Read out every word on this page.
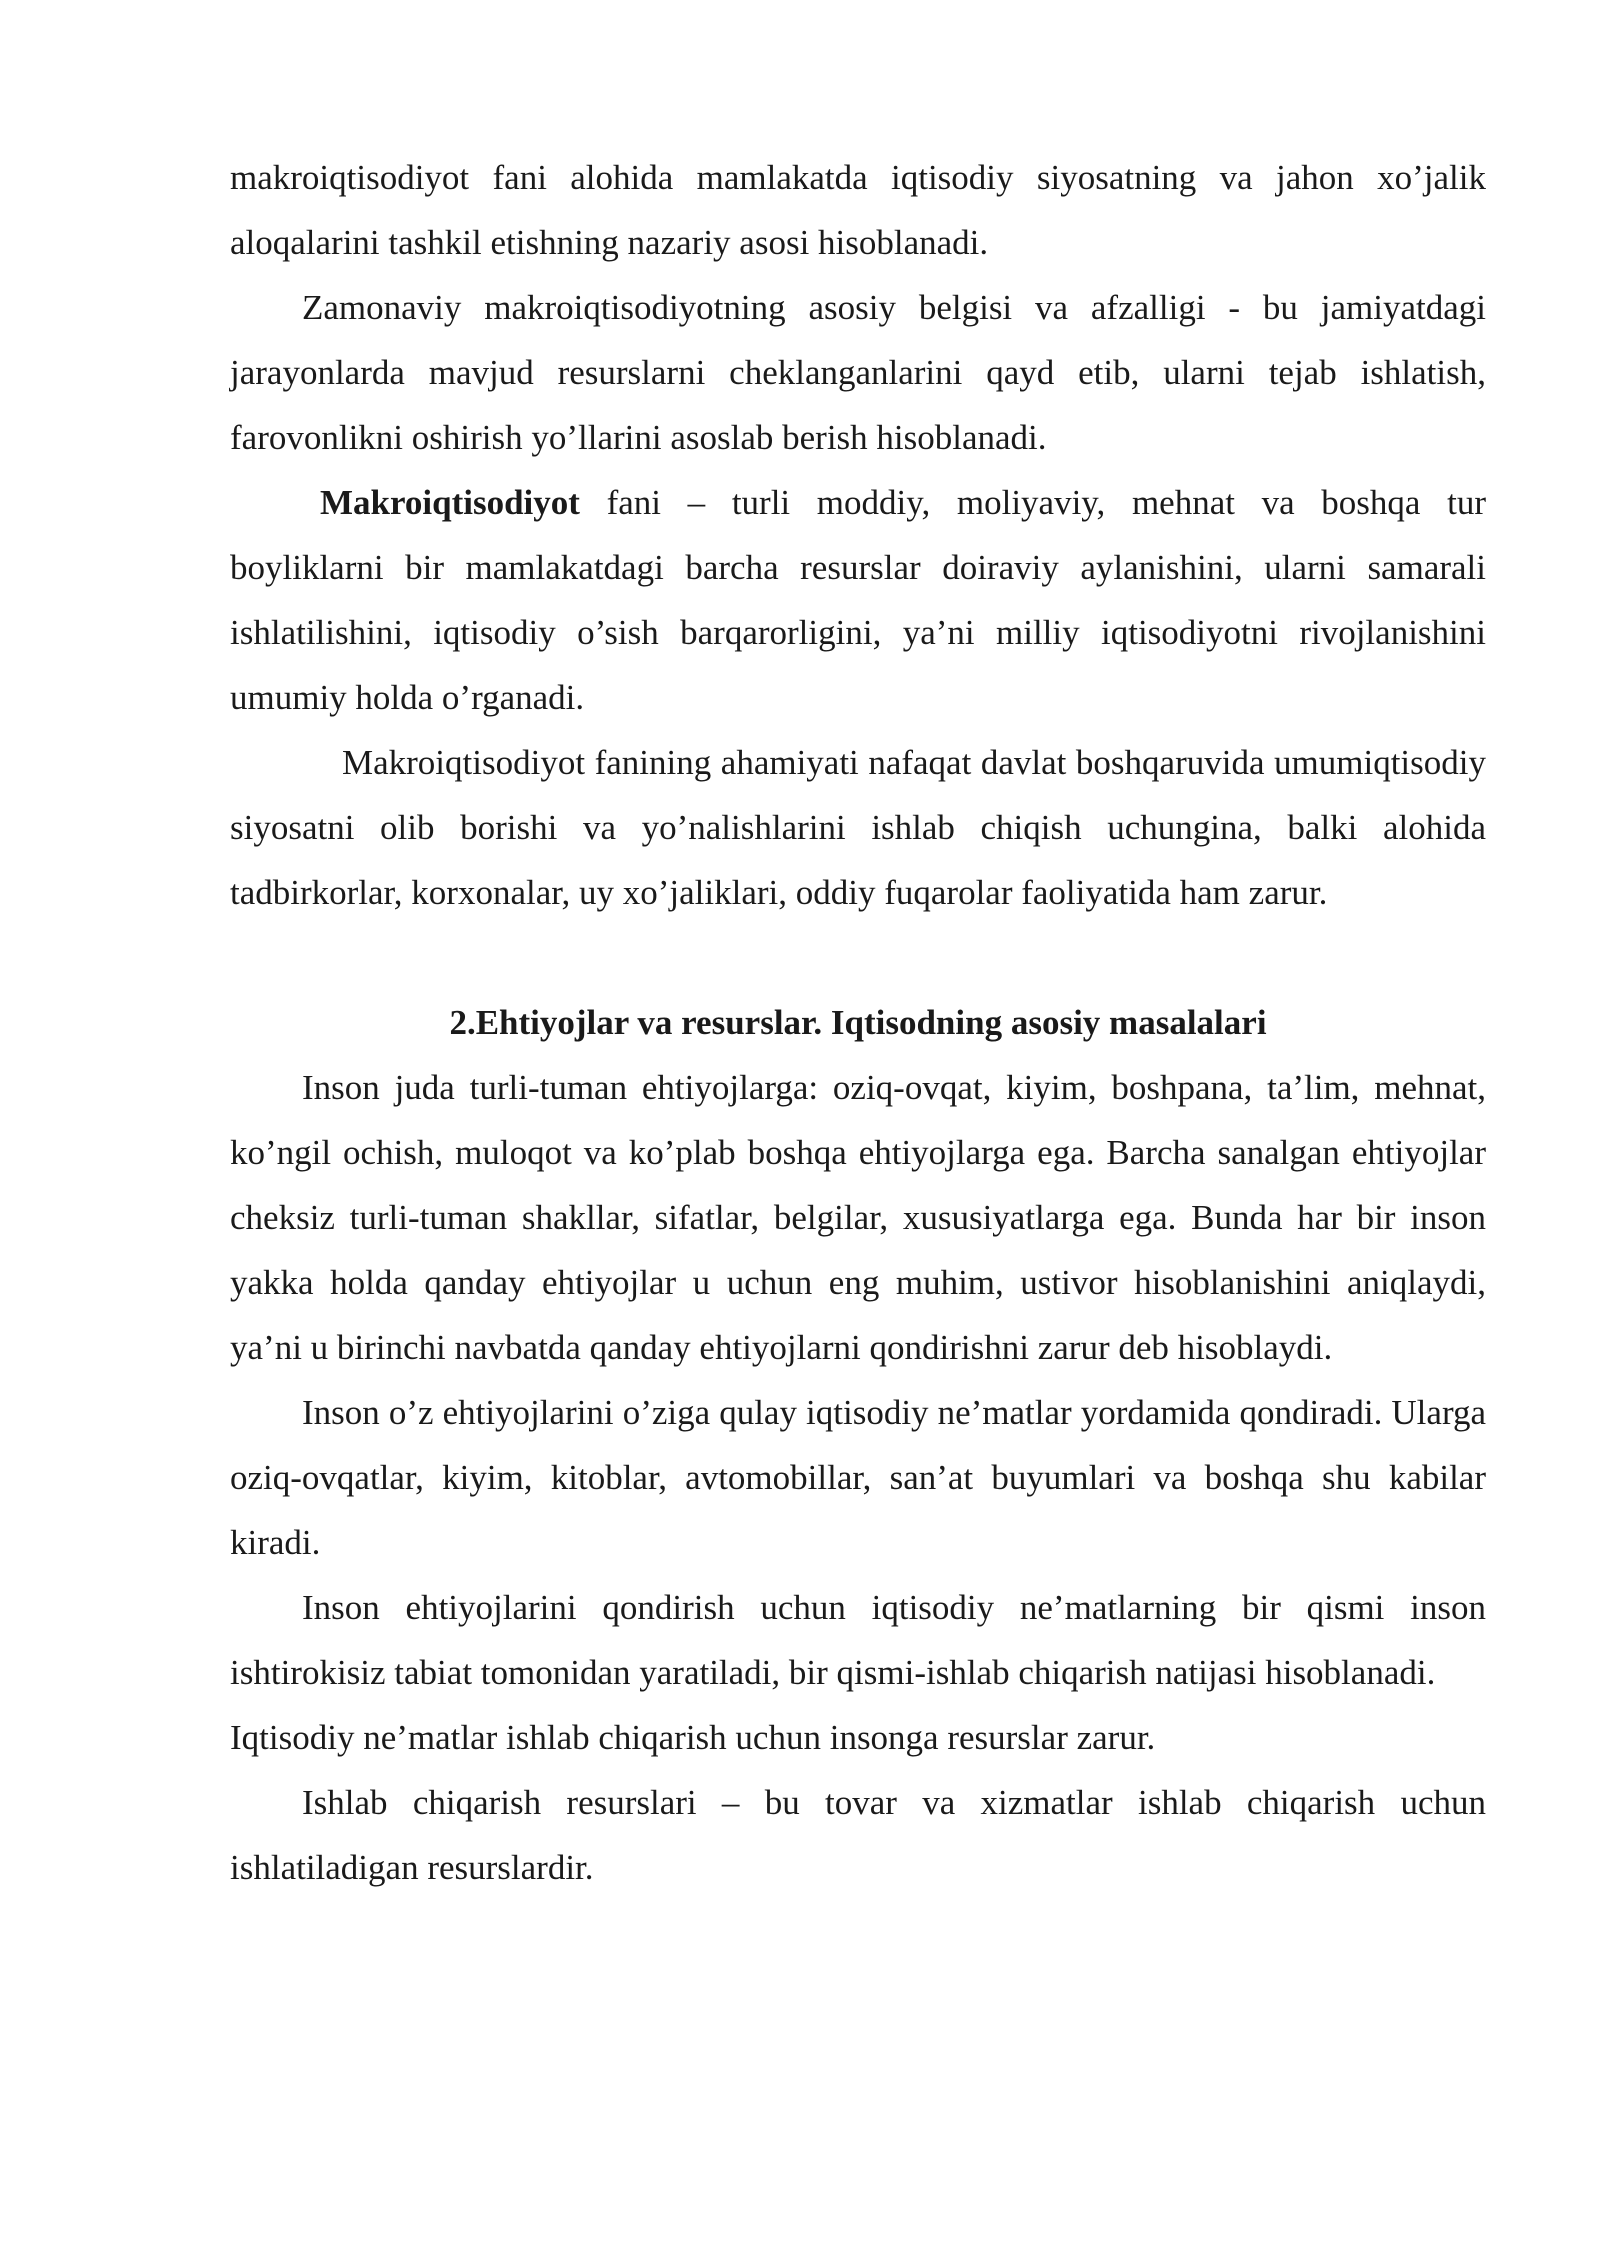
makroiqtisodiyot fani alohida mamlakatda iqtisodiy siyosatning va jahon xo’jalik aloqalarini tashkil etishning nazariy asosi hisoblanadi.

Zamonaviy makroiqtisodiyotning asosiy belgisi va afzalligi - bu jamiyatdagi jarayonlarda mavjud resurslarni cheklanganlarini qayd etib, ularni tejab ishlatish, farovonlikni oshirish yo’llarini asoslab berish hisoblanadi.

Makroiqtisodiyot fani – turli moddiy, moliyaviy, mehnat va boshqa tur boyliklarni bir mamlakatdagi barcha resurslar doiraviy aylanishini, ularni samarali ishlatilishini, iqtisodiy o’sish barqarorligini, ya’ni milliy iqtisodiyotni rivojlanishini umumiy holda o’rganadi.

Makroiqtisodiyot fanining ahamiyati nafaqat davlat boshqaruvida umumiqtisodiy siyosatni olib borishi va yo’nalishlarini ishlab chiqish uchungina, balki alohida tadbirkorlar, korxonalar, uy xo’jaliklari, oddiy fuqarolar faoliyatida ham zarur.

2.Ehtiyojlar va resurslar. Iqtisodning asosiy masalalari

Inson juda turli-tuman ehtiyojlarga: oziq-ovqat, kiyim, boshpana, ta’lim, mehnat, ko’ngil ochish, muloqot va ko’plab boshqa ehtiyojlarga ega. Barcha sanalgan ehtiyojlar cheksiz turli-tuman shakllar, sifatlar, belgilar, xususiyatlarga ega. Bunda har bir inson yakka holda qanday ehtiyojlar u uchun eng muhim, ustivor hisoblanishini aniqlaydi, ya’ni u birinchi navbatda qanday ehtiyojlarni qondirishni zarur deb hisoblaydi.

Inson o’z ehtiyojlarini o’ziga qulay iqtisodiy ne’matlar yordamida qondiradi. Ularga oziq-ovqatlar, kiyim, kitoblar, avtomobillar, san’at buyumlari va boshqa shu kabilar kiradi.

Inson ehtiyojlarini qondirish uchun iqtisodiy ne’matlarning bir qismi inson ishtirokisiz tabiat tomonidan yaratiladi, bir qismi-ishlab chiqarish natijasi hisoblanadi.

Iqtisodiy ne’matlar ishlab chiqarish uchun insonga resurslar zarur.

Ishlab chiqarish resurslari – bu tovar va xizmatlar ishlab chiqarish uchun ishlatiladigan resurslardir.
